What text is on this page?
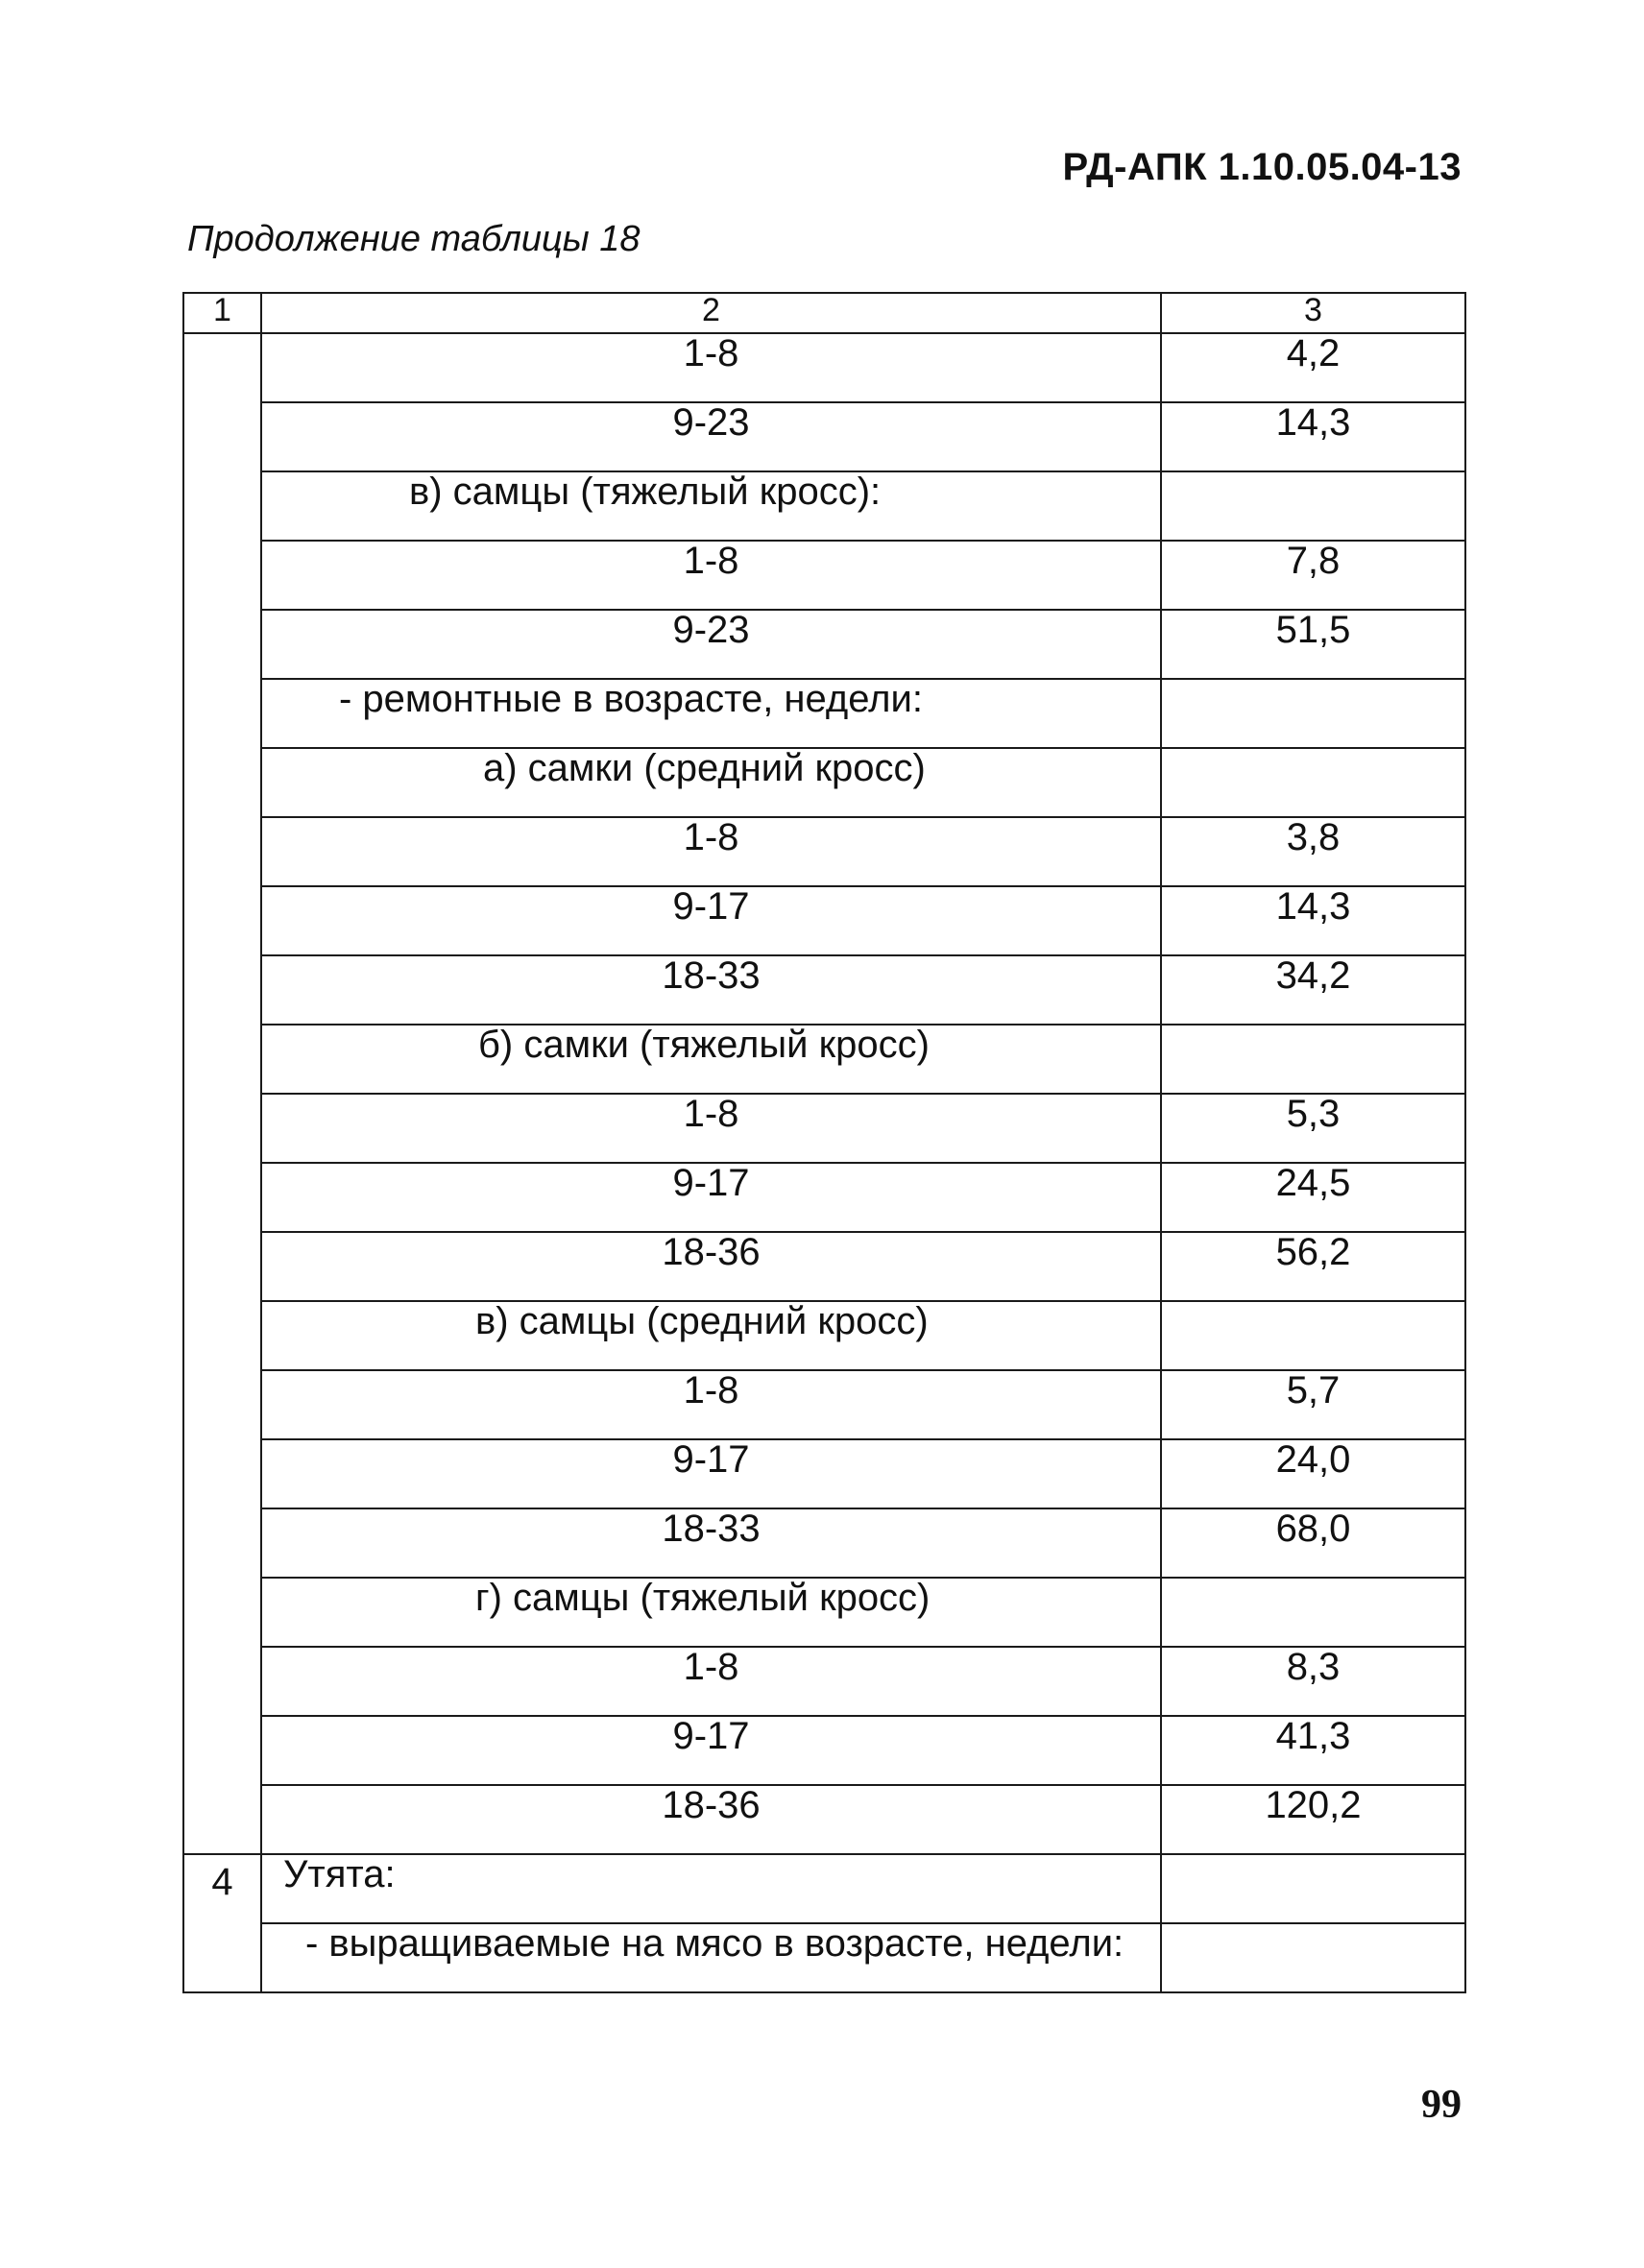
РД-АПК 1.10.05.04-13
Продолжение таблицы 18
1	2	3
	1-8	4,2
	9-23	14,3
	в) самцы (тяжелый кросс):	
	1-8	7,8
	9-23	51,5
	- ремонтные в возрасте, недели:	
	а) самки (средний кросс)	
	1-8	3,8
	9-17	14,3
	18-33	34,2
	б) самки (тяжелый кросс)	
	1-8	5,3
	9-17	24,5
	18-36	56,2
	в) самцы (средний кросс)	
	1-8	5,7
	9-17	24,0
	18-33	68,0
	г) самцы (тяжелый кросс)	
	1-8	8,3
	9-17	41,3
	18-36	120,2
4	Утята:	
	- выращиваемые на мясо в возрасте, недели:	
99
